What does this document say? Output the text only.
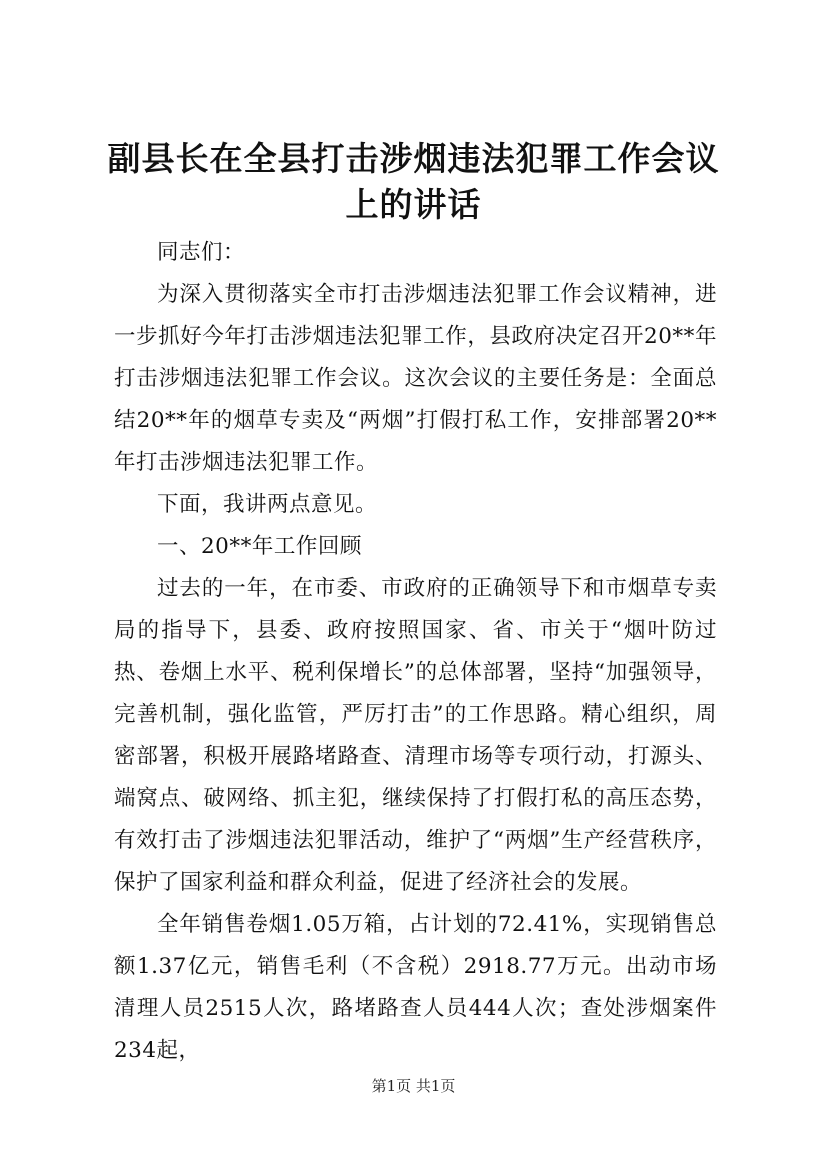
副县长在全县打击涉烟违法犯罪工作会议上的讲话

同志们：

为深入贯彻落实全市打击涉烟违法犯罪工作会议精神，进一步抓好今年打击涉烟违法犯罪工作，县政府决定召开20**年打击涉烟违法犯罪工作会议。这次会议的主要任务是：全面总结20**年的烟草专卖及“两烟”打假打私工作，安排部署20**年打击涉烟违法犯罪工作。

下面，我讲两点意见。

一、20**年工作回顾

过去的一年，在市委、市政府的正确领导下和市烟草专卖局的指导下，县委、政府按照国家、省、市关于“烟叶防过热、卷烟上水平、税利保增长”的总体部署，坚持“加强领导，完善机制，强化监管，严厉打击”的工作思路。精心组织，周密部署，积极开展路堵路查、清理市场等专项行动，打源头、端窝点、破网络、抓主犯，继续保持了打假打私的高压态势，有效打击了涉烟违法犯罪活动，维护了“两烟”生产经营秩序，保护了国家利益和群众利益，促进了经济社会的发展。

全年销售卷烟1.05万箱，占计划的72.41%，实现销售总额1.37亿元，销售毛利（不含税）2918.77万元。出动市场清理人员2515人次，路堵路查人员444人次；查处涉烟案件234起，

第1页 共1页
